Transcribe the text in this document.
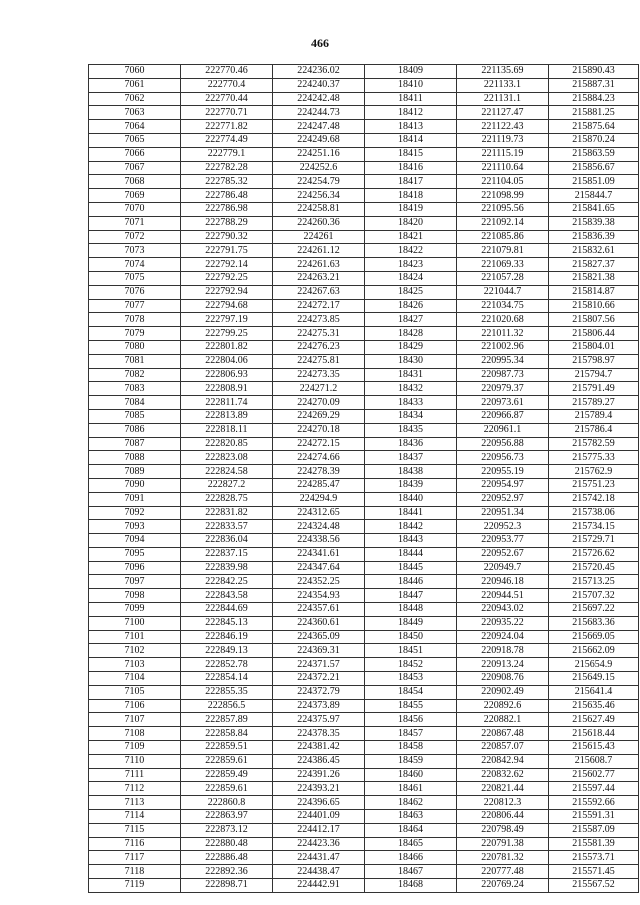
466
7060	222770.46	224236.02	18409	221135.69	215890.43
7061	222770.4	224240.37	18410	221133.1	215887.31
7062	222770.44	224242.48	18411	221131.1	215884.23
7063	222770.71	224244.73	18412	221127.47	215881.25
7064	222771.82	224247.48	18413	221122.43	215875.64
7065	222774.49	224249.68	18414	221119.73	215870.24
7066	222779.1	224251.16	18415	221115.19	215863.59
7067	222782.28	224252.6	18416	221110.64	215856.67
7068	222785.32	224254.79	18417	221104.05	215851.09
7069	222786.48	224256.34	18418	221098.99	215844.7
7070	222786.98	224258.81	18419	221095.56	215841.65
7071	222788.29	224260.36	18420	221092.14	215839.38
7072	222790.32	224261	18421	221085.86	215836.39
7073	222791.75	224261.12	18422	221079.81	215832.61
7074	222792.14	224261.63	18423	221069.33	215827.37
7075	222792.25	224263.21	18424	221057.28	215821.38
7076	222792.94	224267.63	18425	221044.7	215814.87
7077	222794.68	224272.17	18426	221034.75	215810.66
7078	222797.19	224273.85	18427	221020.68	215807.56
7079	222799.25	224275.31	18428	221011.32	215806.44
7080	222801.82	224276.23	18429	221002.96	215804.01
7081	222804.06	224275.81	18430	220995.34	215798.97
7082	222806.93	224273.35	18431	220987.73	215794.7
7083	222808.91	224271.2	18432	220979.37	215791.49
7084	222811.74	224270.09	18433	220973.61	215789.27
7085	222813.89	224269.29	18434	220966.87	215789.4
7086	222818.11	224270.18	18435	220961.1	215786.4
7087	222820.85	224272.15	18436	220956.88	215782.59
7088	222823.08	224274.66	18437	220956.73	215775.33
7089	222824.58	224278.39	18438	220955.19	215762.9
7090	222827.2	224285.47	18439	220954.97	215751.23
7091	222828.75	224294.9	18440	220952.97	215742.18
7092	222831.82	224312.65	18441	220951.34	215738.06
7093	222833.57	224324.48	18442	220952.3	215734.15
7094	222836.04	224338.56	18443	220953.77	215729.71
7095	222837.15	224341.61	18444	220952.67	215726.62
7096	222839.98	224347.64	18445	220949.7	215720.45
7097	222842.25	224352.25	18446	220946.18	215713.25
7098	222843.58	224354.93	18447	220944.51	215707.32
7099	222844.69	224357.61	18448	220943.02	215697.22
7100	222845.13	224360.61	18449	220935.22	215683.36
7101	222846.19	224365.09	18450	220924.04	215669.05
7102	222849.13	224369.31	18451	220918.78	215662.09
7103	222852.78	224371.57	18452	220913.24	215654.9
7104	222854.14	224372.21	18453	220908.76	215649.15
7105	222855.35	224372.79	18454	220902.49	215641.4
7106	222856.5	224373.89	18455	220892.6	215635.46
7107	222857.89	224375.97	18456	220882.1	215627.49
7108	222858.84	224378.35	18457	220867.48	215618.44
7109	222859.51	224381.42	18458	220857.07	215615.43
7110	222859.61	224386.45	18459	220842.94	215608.7
7111	222859.49	224391.26	18460	220832.62	215602.77
7112	222859.61	224393.21	18461	220821.44	215597.44
7113	222860.8	224396.65	18462	220812.3	215592.66
7114	222863.97	224401.09	18463	220806.44	215591.31
7115	222873.12	224412.17	18464	220798.49	215587.09
7116	222880.48	224423.36	18465	220791.38	215581.39
7117	222886.48	224431.47	18466	220781.32	215573.71
7118	222892.36	224438.47	18467	220777.48	215571.45
7119	222898.71	224442.91	18468	220769.24	215567.52
